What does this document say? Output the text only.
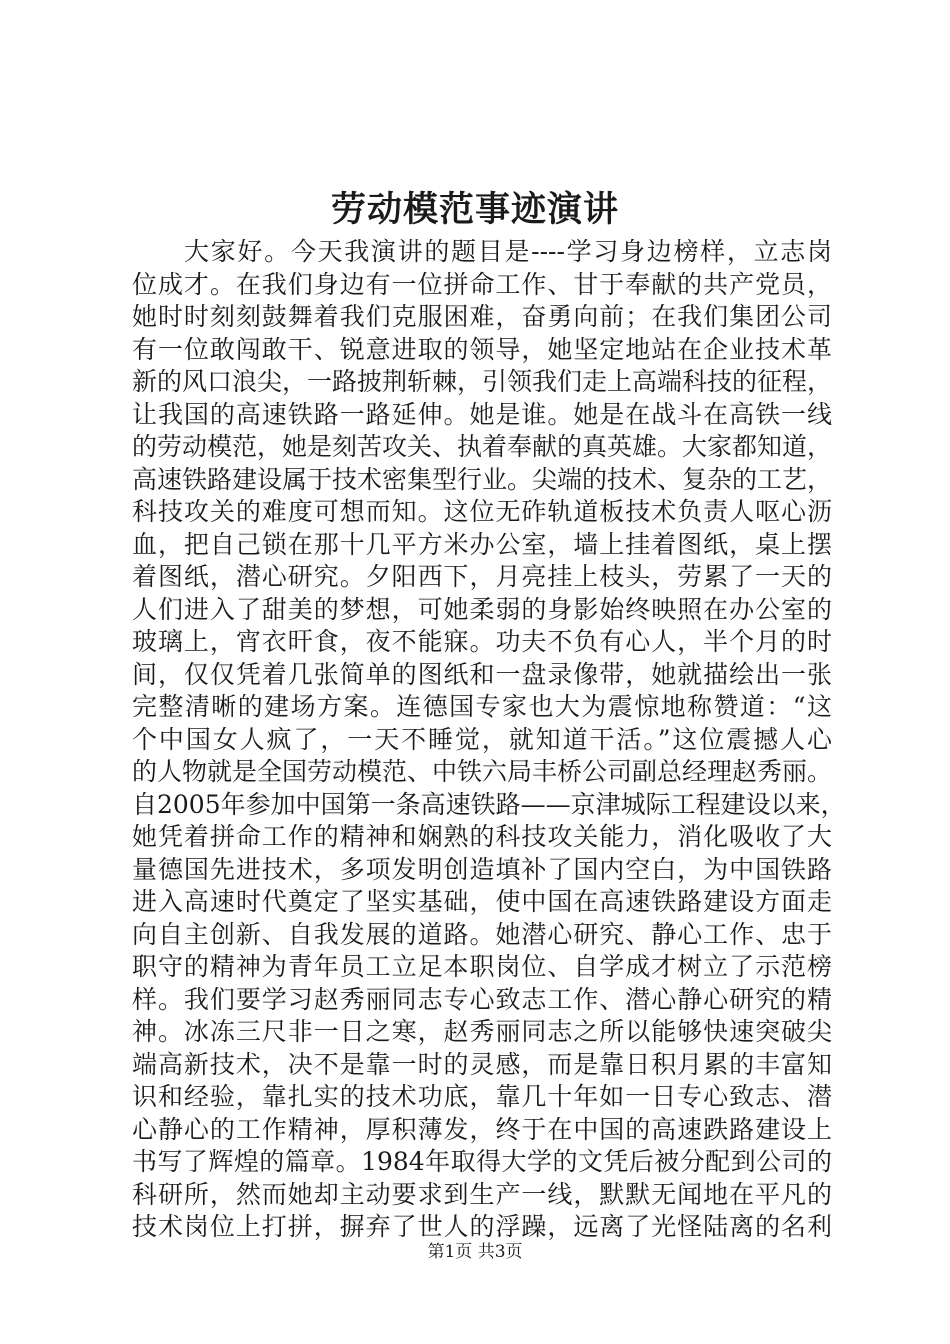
劳动模范事迹演讲
大家好。今天我演讲的题目是----学习身边榜样，立志岗
位成才。在我们身边有一位拼命工作、甘于奉献的共产党员，
她时时刻刻鼓舞着我们克服困难，奋勇向前；在我们集团公司
有一位敢闯敢干、锐意进取的领导，她坚定地站在企业技术革
新的风口浪尖，一路披荆斩棘，引领我们走上高端科技的征程，
让我国的高速铁路一路延伸。她是谁。她是在战斗在高铁一线
的劳动模范，她是刻苦攻关、执着奉献的真英雄。大家都知道，
高速铁路建设属于技术密集型行业。尖端的技术、复杂的工艺，
科技攻关的难度可想而知。这位无砟轨道板技术负责人呕心沥
血，把自己锁在那十几平方米办公室，墙上挂着图纸，桌上摆
着图纸，潜心研究。夕阳西下，月亮挂上枝头，劳累了一天的
人们进入了甜美的梦想，可她柔弱的身影始终映照在办公室的
玻璃上，宵衣旰食，夜不能寐。功夫不负有心人，半个月的时
间，仅仅凭着几张简单的图纸和一盘录像带，她就描绘出一张
完整清晰的建场方案。连德国专家也大为震惊地称赞道：“这
个中国女人疯了，一天不睡觉，就知道干活。”这位震撼人心
的人物就是全国劳动模范、中铁六局丰桥公司副总经理赵秀丽。
自2005年参加中国第一条高速铁路——京津城际工程建设以来，
她凭着拼命工作的精神和娴熟的科技攻关能力，消化吸收了大
量德国先进技术，多项发明创造填补了国内空白，为中国铁路
进入高速时代奠定了坚实基础，使中国在高速铁路建设方面走
向自主创新、自我发展的道路。她潜心研究、静心工作、忠于
职守的精神为青年员工立足本职岗位、自学成才树立了示范榜
样。我们要学习赵秀丽同志专心致志工作、潜心静心研究的精
神。冰冻三尺非一日之寒，赵秀丽同志之所以能够快速突破尖
端高新技术，决不是靠一时的灵感，而是靠日积月累的丰富知
识和经验，靠扎实的技术功底，靠几十年如一日专心致志、潜
心静心的工作精神，厚积薄发，终于在中国的高速跌路建设上
书写了辉煌的篇章。1984年取得大学的文凭后被分配到公司的
科研所，然而她却主动要求到生产一线，默默无闻地在平凡的
技术岗位上打拼，摒弃了世人的浮躁，远离了光怪陆离的名利
第1页 共3页
